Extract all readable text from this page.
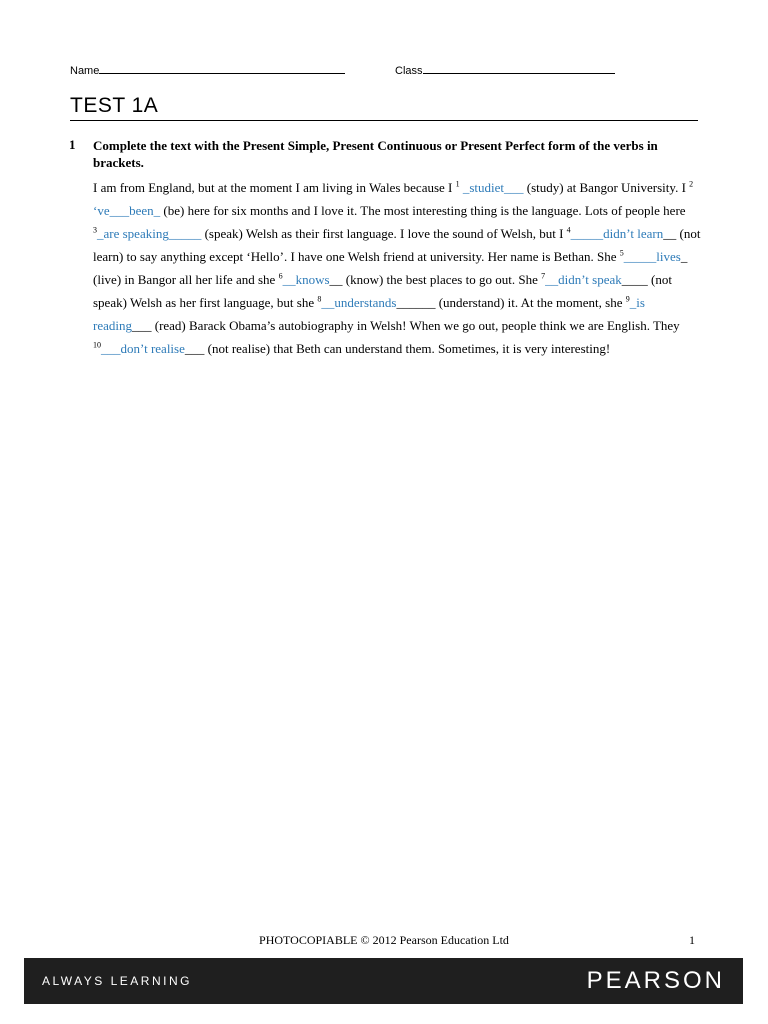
Name	Class
TEST 1A
1 Complete the text with the Present Simple, Present Continuous or Present Perfect form of the verbs in brackets.
I am from England, but at the moment I am living in Wales because I $^1$ _studiet___ (study) at Bangor University. I $^2$ ‘ve___been_ (be) here for six months and I love it. The most interesting thing is the language. Lots of people here $^3$_are speaking_____ (speak) Welsh as their first language. I love the sound of Welsh, but I $^4$_____didn’t learn__ (not learn) to say anything except ‘Hello’. I have one Welsh friend at university. Her name is Bethan. She $^5$_____lives_ (live) in Bangor all her life and she $^6$__knows__ (know) the best places to go out. She $^7$__didn’t speak____ (not speak) Welsh as her first language, but she $^8$__understands______ (understand) it. At the moment, she $^9$_is reading___ (read) Barack Obama’s autobiography in Welsh! When we go out, people think we are English. They $^{10}$___don’t realise___ (not realise) that Beth can understand them. Sometimes, it is very interesting!
PHOTOCOPIABLE © 2012 Pearson Education Ltd	1
ALWAYS LEARNING	PEARSON
